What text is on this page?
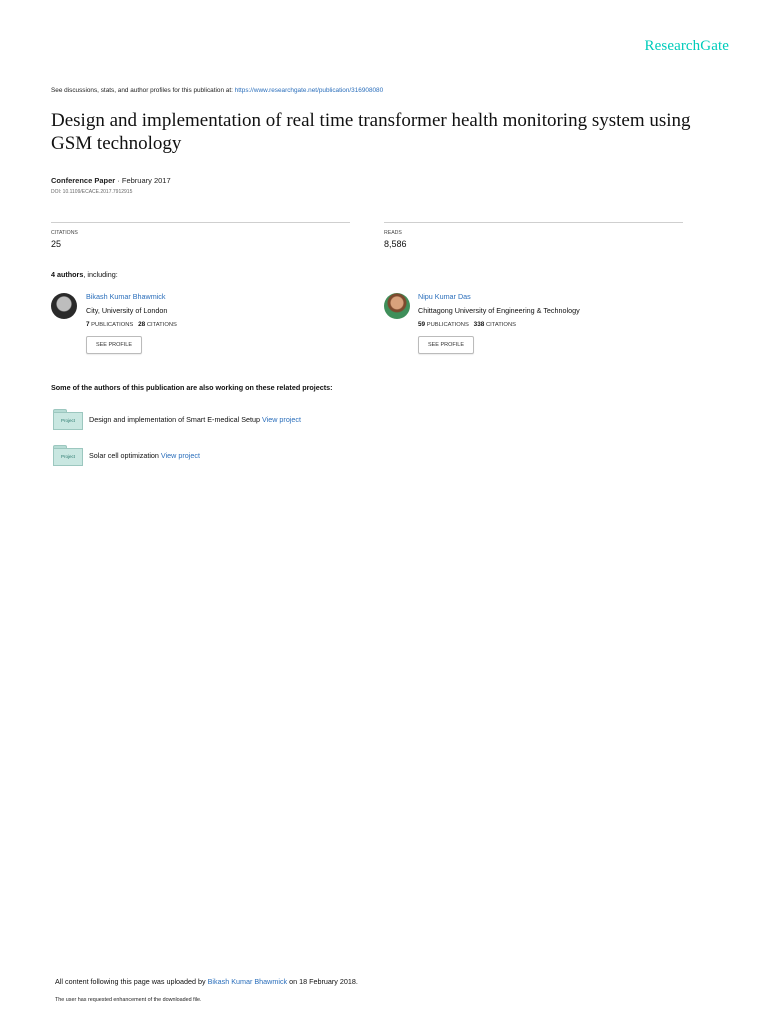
ResearchGate
See discussions, stats, and author profiles for this publication at: https://www.researchgate.net/publication/316908080
Design and implementation of real time transformer health monitoring system using GSM technology
Conference Paper · February 2017
DOI: 10.1109/ECACE.2017.7912915
CITATIONS
25
READS
8,586
4 authors, including:
Bikash Kumar Bhawmick
City, University of London
7 PUBLICATIONS 28 CITATIONS
SEE PROFILE
Nipu Kumar Das
Chittagong University of Engineering & Technology
59 PUBLICATIONS 338 CITATIONS
SEE PROFILE
Some of the authors of this publication are also working on these related projects:
Project	Design and implementation of Smart E-medical Setup View project
Project	Solar cell optimization View project
All content following this page was uploaded by Bikash Kumar Bhawmick on 18 February 2018.
The user has requested enhancement of the downloaded file.
